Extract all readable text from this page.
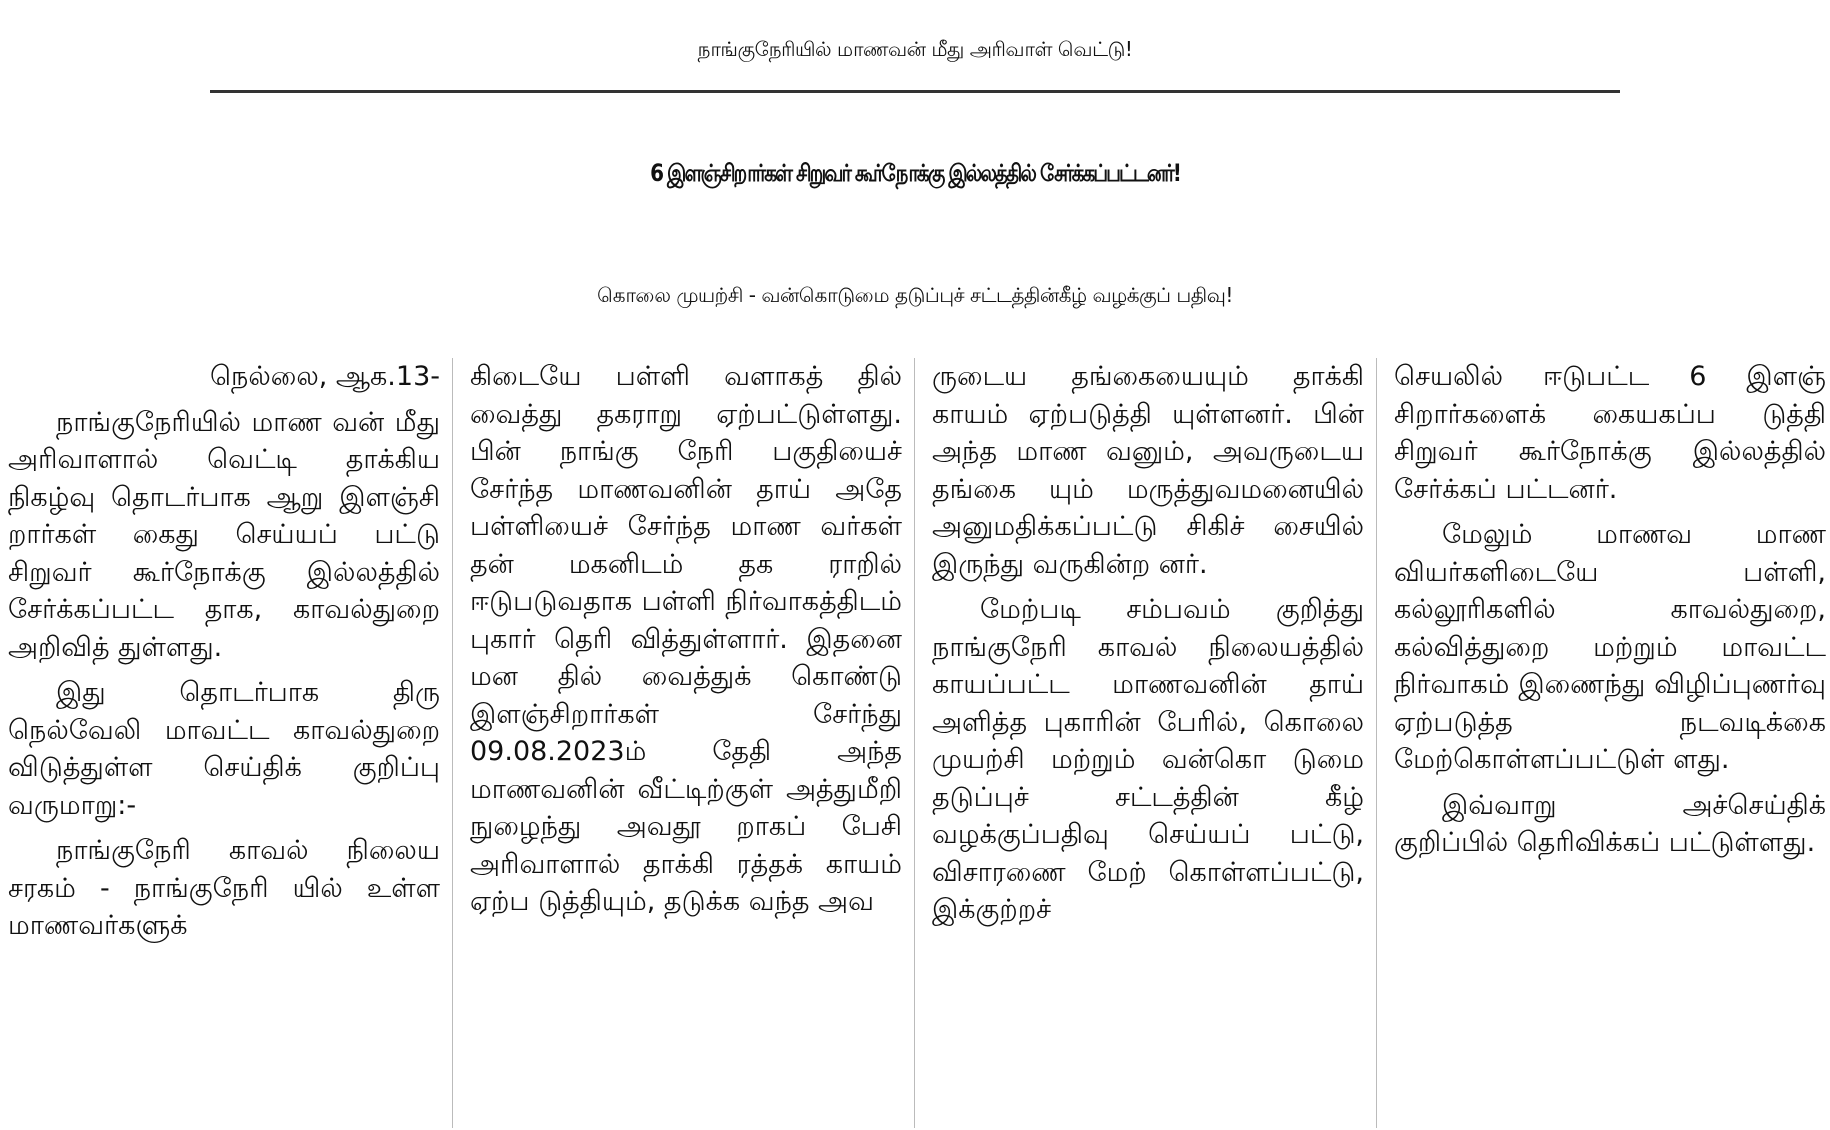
நாங்குநேரியில் மாணவன் மீது அரிவாள் வெட்டு!
6 இளஞ்சிறார்கள் சிறுவர் கூர்நோக்கு இல்லத்தில் சேர்க்கப்பட்டனர்!
கொலை முயற்சி - வன்கொடுமை தடுப்புச் சட்டத்தின்கீழ் வழக்குப் பதிவு!

நெல்லை, ஆக.13-

நாங்குநேரியில் மாண வன் மீது அரிவாளால் வெட்டி தாக்கிய நிகழ்வு தொடர்பாக ஆறு இளஞ்சி றார்கள் கைது செய்யப் பட்டு சிறுவர் கூர்நோக்கு இல்லத்தில் சேர்க்கப்பட்ட தாக, காவல்துறை அறிவித் துள்ளது.

இது தொடர்பாக திரு நெல்வேலி மாவட்ட காவல்துறை விடுத்துள்ள செய்திக் குறிப்பு வருமாறு:-

நாங்குநேரி காவல் நிலைய சரகம் - நாங்குநேரி யில் உள்ள மாணவர்களுக்

கிடையே பள்ளி வளாகத் தில் வைத்து தகராறு ஏற்பட்டுள்ளது. பின் நாங்கு நேரி பகுதியைச் சேர்ந்த மாணவனின் தாய் அதே பள்ளியைச் சேர்ந்த மாண வர்கள் தன் மகனிடம் தக ராறில் ஈடுபடுவதாக பள்ளி நிர்வாகத்திடம் புகார் தெரி வித்துள்ளார். இதனை மன தில் வைத்துக் கொண்டு இளஞ்சிறார்கள் சேர்ந்து 09.08.2023ம் தேதி அந்த மாணவனின் வீட்டிற்குள் அத்துமீறி நுழைந்து அவதூ றாகப் பேசி அரிவாளால் தாக்கி ரத்தக் காயம் ஏற்ப டுத்தியும், தடுக்க வந்த அவ

ருடைய தங்கையையும் தாக்கி காயம் ஏற்படுத்தி யுள்ளனர். பின் அந்த மாண வனும், அவருடைய தங்கை யும் மருத்துவமனையில் அனுமதிக்கப்பட்டு சிகிச் சையில் இருந்து வருகின்ற னர்.

மேற்படி சம்பவம் குறித்து நாங்குநேரி காவல் நிலையத்தில் காயப்பட்ட மாணவனின் தாய் அளித்த புகாரின் பேரில், கொலை முயற்சி மற்றும் வன்கொ டுமை தடுப்புச் சட்டத்தின் கீழ் வழக்குப்பதிவு செய்யப் பட்டு, விசாரணை மேற் கொள்ளப்பட்டு, இக்குற்றச்

செயலில் ஈடுபட்ட 6 இளஞ் சிறார்களைக் கையகப்ப டுத்தி சிறுவர் கூர்நோக்கு இல்லத்தில் சேர்க்கப் பட்டனர்.

மேலும் மாணவ மாண வியர்களிடையே பள்ளி, கல்லூரிகளில் காவல்துறை, கல்வித்துறை மற்றும் மாவட்ட நிர்வாகம் இணைந்து விழிப்புணர்வு ஏற்படுத்த நடவடிக்கை மேற்கொள்ளப்பட்டுள் ளது.

இவ்வாறு அச்செய்திக் குறிப்பில் தெரிவிக்கப் பட்டுள்ளது.
